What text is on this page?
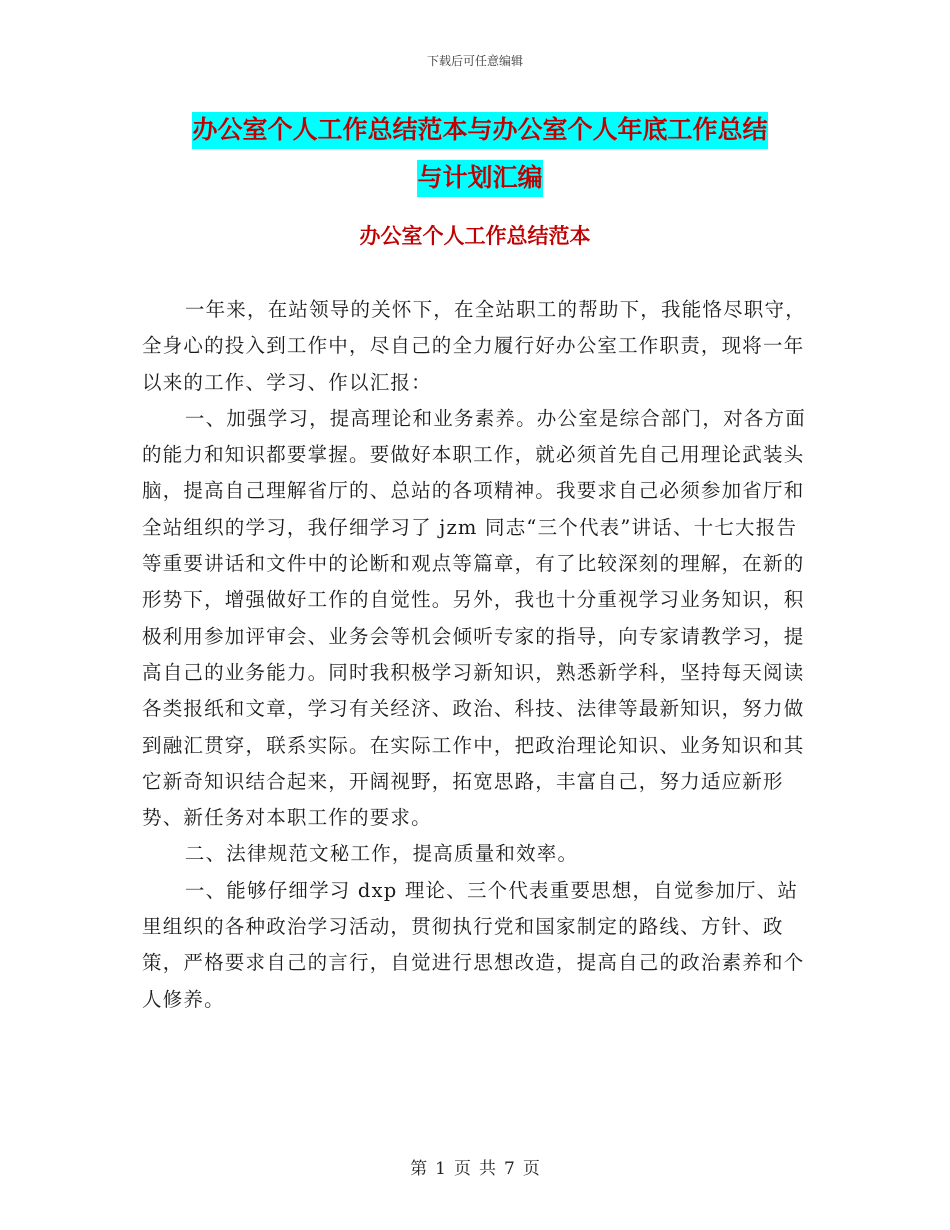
下载后可任意编辑
办公室个人工作总结范本与办公室个人年底工作总结
与计划汇编
办公室个人工作总结范本

一年来，在站领导的关怀下，在全站职工的帮助下，我能恪尽职守，全身心的投入到工作中，尽自己的全力履行好办公室工作职责，现将一年以来的工作、学习、作以汇报：

一、加强学习，提高理论和业务素养。办公室是综合部门，对各方面的能力和知识都要掌握。要做好本职工作，就必须首先自己用理论武装头脑，提高自己理解省厅的、总站的各项精神。我要求自己必须参加省厅和全站组织的学习，我仔细学习了 jzm 同志“三个代表”讲话、十七大报告等重要讲话和文件中的论断和观点等篇章，有了比较深刻的理解，在新的形势下，增强做好工作的自觉性。另外，我也十分重视学习业务知识，积极利用参加评审会、业务会等机会倾听专家的指导，向专家请教学习，提高自己的业务能力。同时我积极学习新知识，熟悉新学科，坚持每天阅读各类报纸和文章，学习有关经济、政治、科技、法律等最新知识，努力做到融汇贯穿，联系实际。在实际工作中，把政治理论知识、业务知识和其它新奇知识结合起来，开阔视野，拓宽思路，丰富自己，努力适应新形势、新任务对本职工作的要求。

二、法律规范文秘工作，提高质量和效率。

一、能够仔细学习 dxp 理论、三个代表重要思想，自觉参加厅、站里组织的各种政治学习活动，贯彻执行党和国家制定的路线、方针、政策，严格要求自己的言行，自觉进行思想改造，提高自己的政治素养和个人修养。

第 1 页 共 7 页
